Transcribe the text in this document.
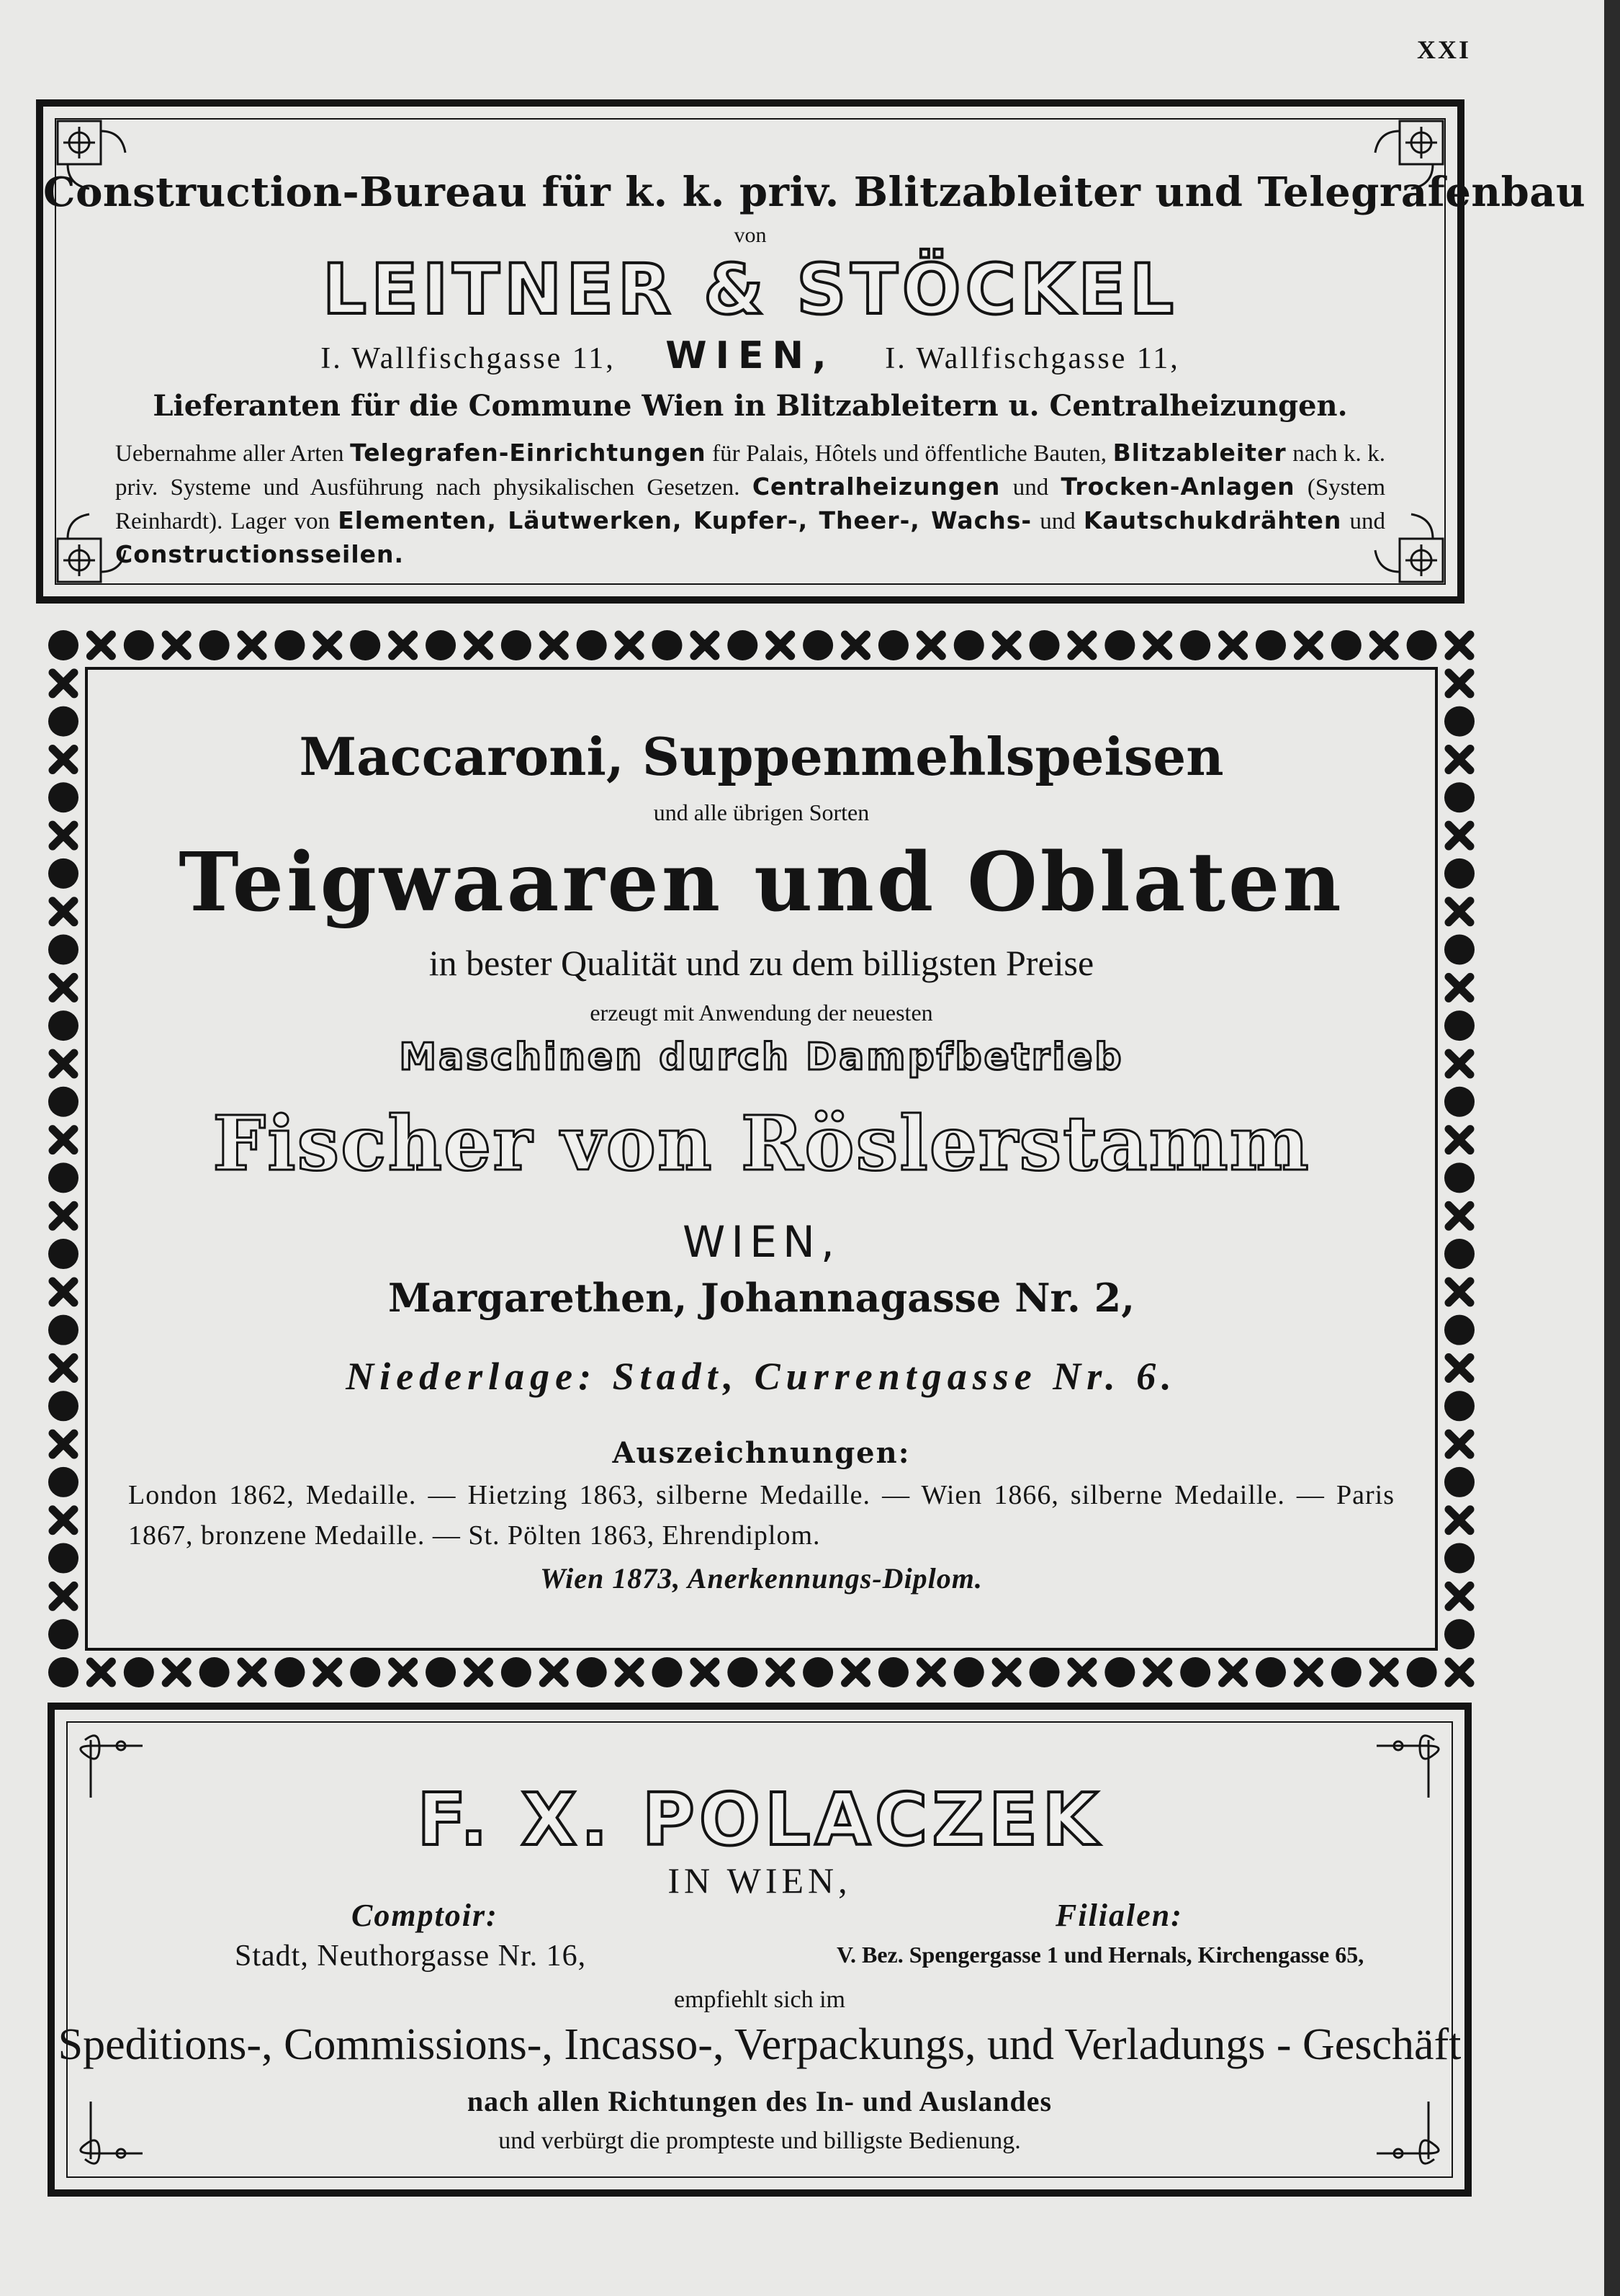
XXI
Construction-Bureau für k. k. priv. Blitzableiter und Telegrafenbau
von
LEITNER & STÖCKEL
I. Wallfischgasse 11, WIEN, I. Wallfischgasse 11,
Lieferanten für die Commune Wien in Blitzableitern u. Centralheizungen.
Uebernahme aller Arten Telegrafen-Einrichtungen für Palais, Hôtels und öffentliche Bauten, Blitzableiter nach k. k. priv. Systeme und Ausführung nach physikalischen Gesetzen. Centralheizungen und Trocken-Anlagen (System Reinhardt). Lager von Elementen, Läutwerken, Kupfer-, Theer-, Wachs- und Kautschukdrähten und Constructionsseilen.
Maccaroni, Suppenmehlspeisen
und alle übrigen Sorten
Teigwaaren und Oblaten
in bester Qualität und zu dem billigsten Preise
erzeugt mit Anwendung der neuesten
Maschinen durch Dampfbetrieb
Fischer von Röslerstamm
WIEN,
Margarethen, Johannagasse Nr. 2,
Niederlage: Stadt, Currentgasse Nr. 6.
Auszeichnungen:
London 1862, Medaille. — Hietzing 1863, silberne Medaille. — Wien 1866, silberne Medaille. — Paris 1867, bronzene Medaille. — St. Pölten 1863, Ehrendiplom.
Wien 1873, Anerkennungs-Diplom.
F. X. POLACZEK
IN WIEN,
Comptoir:	Filialen:
Stadt, Neuthorgasse Nr. 16,	V. Bez. Spengergasse 1 und Hernals, Kirchengasse 65,
empfiehlt sich im
Speditions-, Commissions-, Incasso-, Verpackungs, und Verladungs - Geschäft
nach allen Richtungen des In- und Auslandes
und verbürgt die prompteste und billigste Bedienung.
